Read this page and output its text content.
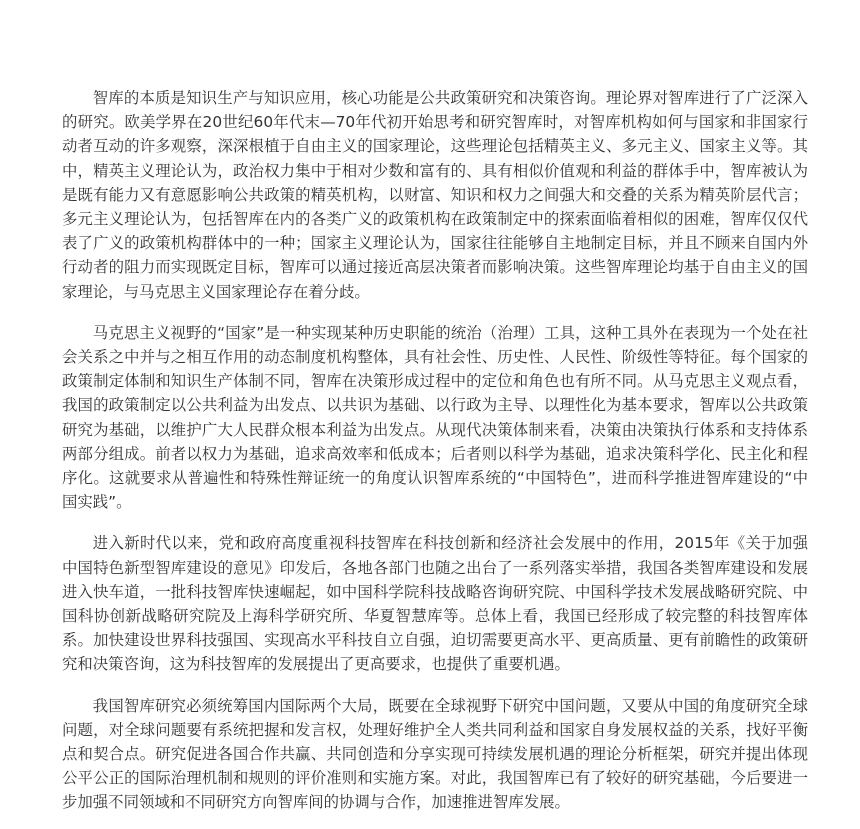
智库的本质是知识生产与知识应用，核心功能是公共政策研究和决策咨询。理论界对智库进行了广泛深入的研究。欧美学界在20世纪60年代末—70年代初开始思考和研究智库时，对智库机构如何与国家和非国家行动者互动的许多观察，深深根植于自由主义的国家理论，这些理论包括精英主义、多元主义、国家主义等。其中，精英主义理论认为，政治权力集中于相对少数和富有的、具有相似价值观和利益的群体手中，智库被认为是既有能力又有意愿影响公共政策的精英机构，以财富、知识和权力之间强大和交叠的关系为精英阶层代言；多元主义理论认为，包括智库在内的各类广义的政策机构在政策制定中的探索面临着相似的困难，智库仅仅代表了广义的政策机构群体中的一种；国家主义理论认为，国家往往能够自主地制定目标，并且不顾来自国内外行动者的阻力而实现既定目标，智库可以通过接近高层决策者而影响决策。这些智库理论均基于自由主义的国家理论，与马克思主义国家理论存在着分歧。

马克思主义视野的“国家”是一种实现某种历史职能的统治（治理）工具，这种工具外在表现为一个处在社会关系之中并与之相互作用的动态制度机构整体，具有社会性、历史性、人民性、阶级性等特征。每个国家的政策制定体制和知识生产体制不同，智库在决策形成过程中的定位和角色也有所不同。从马克思主义观点看，我国的政策制定以公共利益为出发点、以共识为基础、以行政为主导、以理性化为基本要求，智库以公共政策研究为基础，以维护广大人民群众根本利益为出发点。从现代决策体制来看，决策由决策执行体系和支持体系两部分组成。前者以权力为基础，追求高效率和低成本；后者则以科学为基础，追求决策科学化、民主化和程序化。这就要求从普遍性和特殊性辩证统一的角度认识智库系统的“中国特色”，进而科学推进智库建设的“中国实践”。

进入新时代以来，党和政府高度重视科技智库在科技创新和经济社会发展中的作用，2015年《关于加强中国特色新型智库建设的意见》印发后，各地各部门也随之出台了一系列落实举措，我国各类智库建设和发展进入快车道，一批科技智库快速崛起，如中国科学院科技战略咨询研究院、中国科学技术发展战略研究院、中国科协创新战略研究院及上海科学研究所、华夏智慧库等。总体上看，我国已经形成了较完整的科技智库体系。加快建设世界科技强国、实现高水平科技自立自强，迫切需要更高水平、更高质量、更有前瞻性的政策研究和决策咨询，这为科技智库的发展提出了更高要求，也提供了重要机遇。

我国智库研究必须统筹国内国际两个大局，既要在全球视野下研究中国问题，又要从中国的角度研究全球问题，对全球问题要有系统把握和发言权，处理好维护全人类共同利益和国家自身发展权益的关系，找好平衡点和契合点。研究促进各国合作共赢、共同创造和分享实现可持续发展机遇的理论分析框架，研究并提出体现公平公正的国际治理机制和规则的评价准则和实施方案。对此，我国智库已有了较好的研究基础，今后要进一步加强不同领域和不同研究方向智库间的协调与合作，加速推进智库发展。
